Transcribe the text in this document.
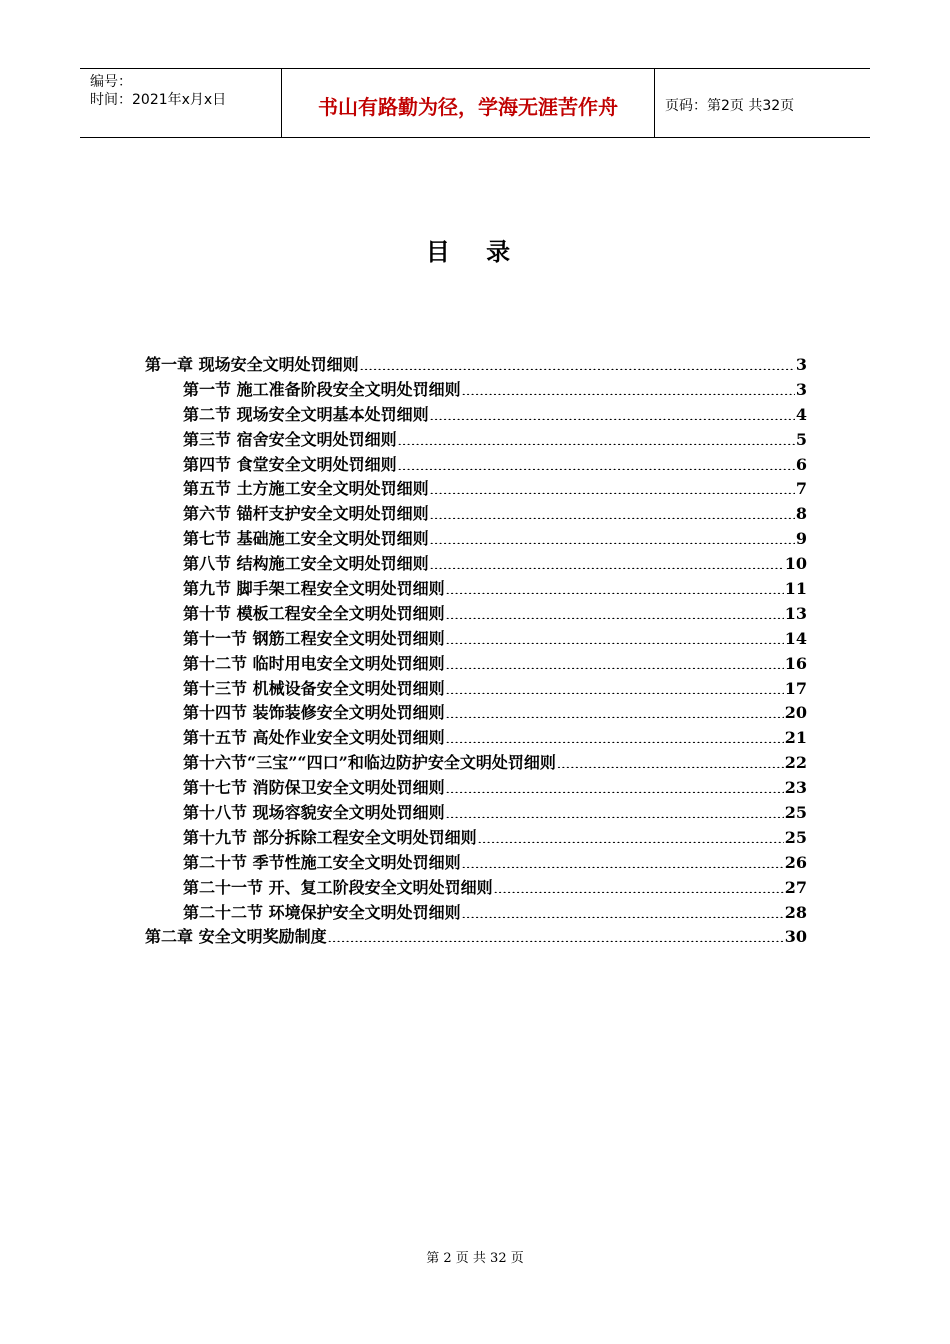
编号：
时间：2021年x月x日	书山有路勤为径，学海无涯苦作舟	页码：第2页 共32页
目 录
第一章 现场安全文明处罚细则 .....	3
第一节 施工准备阶段安全文明处罚细则 .....	3
第二节 现场安全文明基本处罚细则 .....	4
第三节 宿舍安全文明处罚细则 .....	5
第四节 食堂安全文明处罚细则 .....	6
第五节 土方施工安全文明处罚细则 .....	7
第六节 锚杆支护安全文明处罚细则 .....	8
第七节 基础施工安全文明处罚细则 .....	9
第八节 结构施工安全文明处罚细则 .....	10
第九节 脚手架工程安全文明处罚细则 .....	11
第十节 模板工程安全全文明处罚细则 .....	13
第十一节 钢筋工程安全文明处罚细则 .....	14
第十二节 临时用电安全文明处罚细则 .....	16
第十三节 机械设备安全文明处罚细则 .....	17
第十四节 装饰装修安全文明处罚细则 .....	20
第十五节 高处作业安全文明处罚细则 .....	21
第十六节“三宝”“四口”和临边防护安全文明处罚细则 .....	22
第十七节 消防保卫安全文明处罚细则 .....	23
第十八节 现场容貌安全文明处罚细则 .....	25
第十九节 部分拆除工程安全文明处罚细则 .....	25
第二十节 季节性施工安全文明处罚细则 .....	26
第二十一节 开、复工阶段安全文明处罚细则 .....	27
第二十二节 环境保护安全文明处罚细则 .....	28
第二章 安全文明奖励制度 .....	30
第 2 页 共 32 页
